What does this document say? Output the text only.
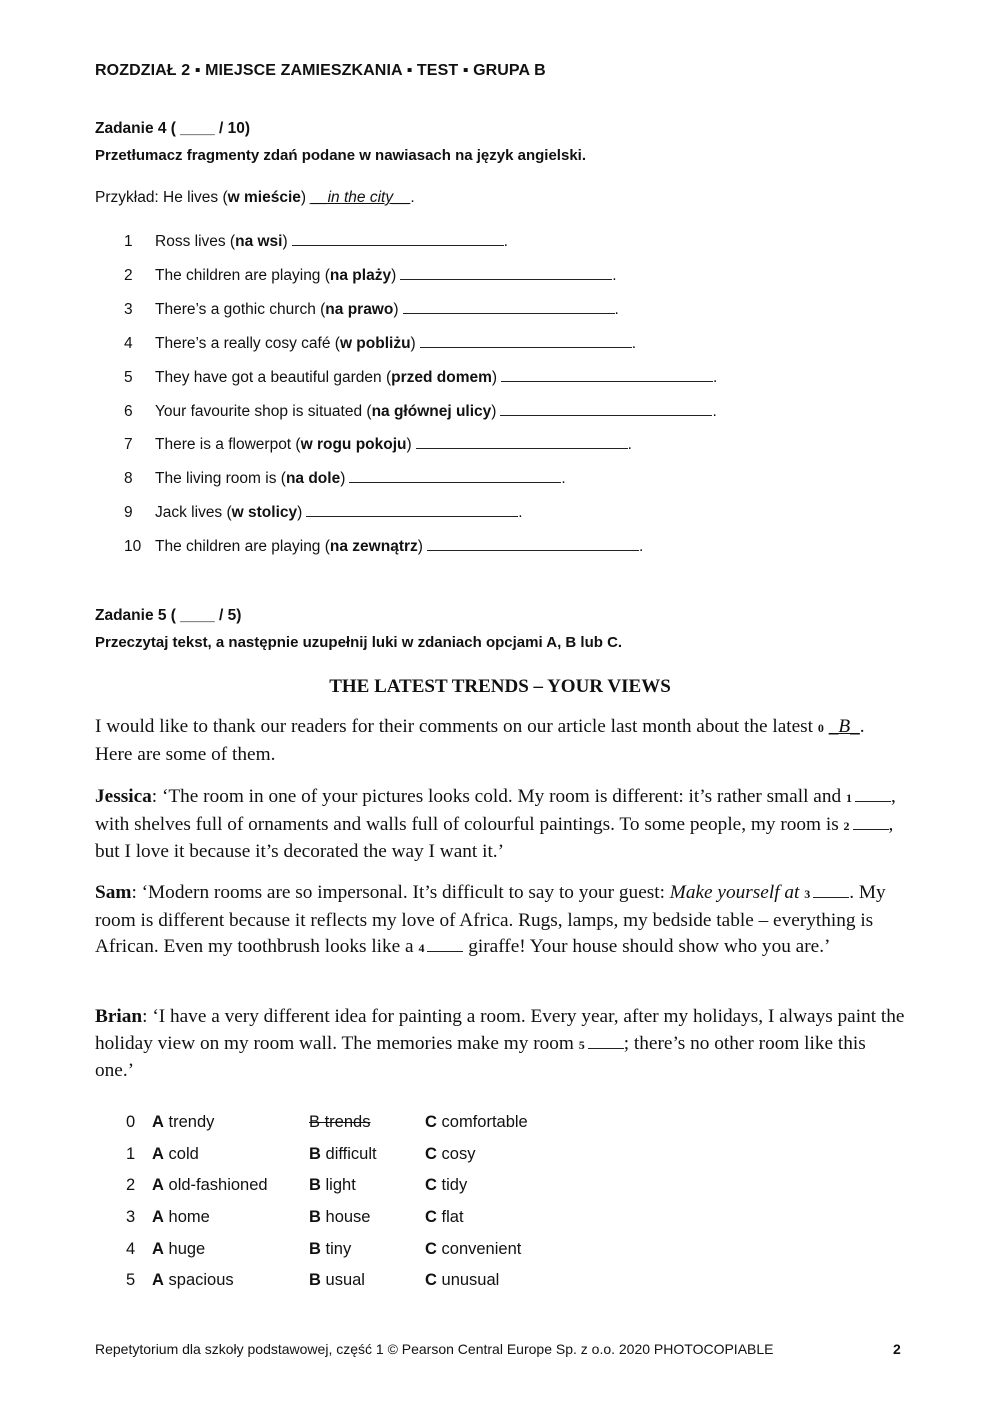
ROZDZIAŁ 2 ▪ MIEJSCE ZAMIESZKANIA ▪ TEST ▪ GRUPA B
Zadanie 4 ( ____ / 10)
Przetłumacz fragmenty zdań podane w nawiasach na język angielski.
Przykład: He lives (w mieście) __in the city__.
1 Ross lives (na wsi)	.
2 The children are playing (na plaży)	.
3 There’s a gothic church (na prawo)	.
4 There’s a really cosy café (w pobliżu)	.
5 They have got a beautiful garden (przed domem)	.
6 Your favourite shop is situated (na głównej ulicy)	.
7 There is a flowerpot (w rogu pokoju)	.
8 The living room is (na dole)	.
9 Jack lives (w stolicy)	.
10 The children are playing (na zewnątrz)	.
Zadanie 5 ( ____ / 5)
Przeczytaj tekst, a następnie uzupełnij luki w zdaniach opcjami A, B lub C.
THE LATEST TRENDS – YOUR VIEWS

I would like to thank our readers for their comments on our article last month about the latest 0 _B_. Here are some of them.

Jessica: ‘The room in one of your pictures looks cold. My room is different: it’s rather small and 1 , with shelves full of ornaments and walls full of colourful paintings. To some people, my room is 2 , but I love it because it’s decorated the way I want it.’

Sam: ‘Modern rooms are so impersonal. It’s difficult to say to your guest: Make yourself at 3 . My room is different because it reflects my love of Africa. Rugs, lamps, my bedside table – everything is African. Even my toothbrush looks like a 4 giraffe! Your house should show who you are.’

Brian: ‘I have a very different idea for painting a room. Every year, after my holidays, I always paint the holiday view on my room wall. The memories make my room 5 ; there’s no other room like this one.’

0 A trendy	B trends	C comfortable
1 A cold	B difficult	C cosy
2 A old-fashioned	B light	C tidy
3 A home	B house	C flat
4 A huge	B tiny	C convenient
5 A spacious	B usual	C unusual
Repetytorium dla szkoły podstawowej, część 1 © Pearson Central Europe Sp. z o.o. 2020 PHOTOCOPIABLE	2
